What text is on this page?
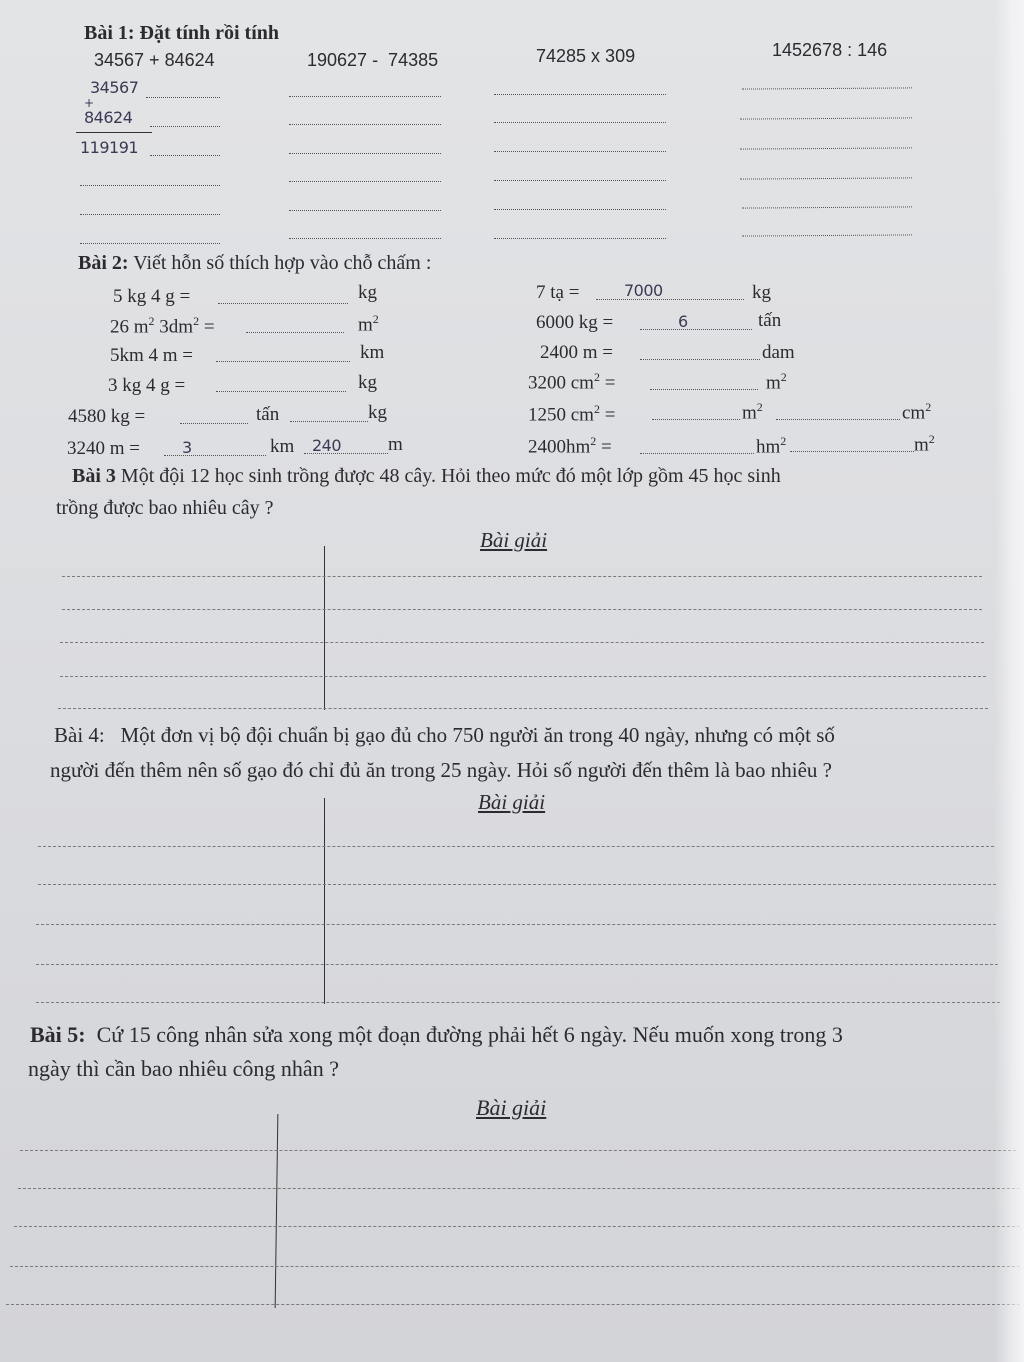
Bài 1: Đặt tính rồi tính
34567 + 84624	190627 -  74385	74285 x 309	1452678 : 146
34567
84624
119191
+
Bài 2: Viết hỗn số thích hợp vào chỗ chấm :
5 kg 4 g =	kg
26 $m^2$ $3dm^2$ =	$m^2$
5km 4 m =	km
3 kg 4 g =	kg
4580 kg =	tấn	kg
3240 m =	3	km 240 m
7 tạ =	7000	kg
6000 kg =	6	tấn
2400 m =	dam
3200 $cm^2$ =	$m^2$
1250 $cm^2$ =	$m^2$	$cm^2$
$2400hm^2$ =	$hm^2$	$m^2$
Bài 3 Một đội 12 học sinh trồng được 48 cây. Hỏi theo mức đó một lớp gồm 45 học sinh
trồng được bao nhiêu cây ?
Bài giải
Bài 4:   Một đơn vị bộ đội chuẩn bị gạo đủ cho 750 người ăn trong 40 ngày, nhưng có một số
người đến thêm nên số gạo đó chỉ đủ ăn trong 25 ngày. Hỏi số người đến thêm là bao nhiêu ?
Bài giải
Bài 5:  Cứ 15 công nhân sửa xong một đoạn đường phải hết 6 ngày. Nếu muốn xong trong 3
ngày thì cần bao nhiêu công nhân ?
Bài giải
